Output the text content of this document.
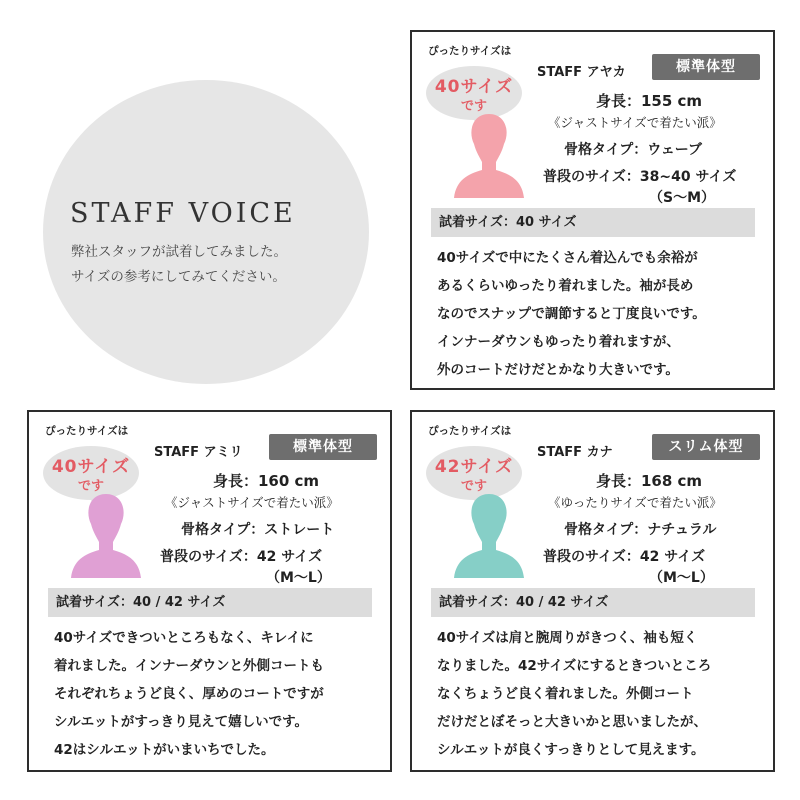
STAFF VOICE
弊社スタッフが試着してみました。
サイズの参考にしてみてください。
40サイズ
です
ぴったりサイズは
STAFF アヤカ	標準体型
身長：155 cm
《ジャストサイズで着たい派》
骨格タイプ：ウェーブ
普段のサイズ：38~40 サイズ
（S〜M）
試着サイズ：40 サイズ
40サイズで中にたくさん着込んでも余裕が
あるくらいゆったり着れました。袖が長め
なのでスナップで調節すると丁度良いです。
インナーダウンもゆったり着れますが、
外のコートだけだとかなり大きいです。
40サイズ
です
ぴったりサイズは
STAFF アミリ	標準体型
身長：160 cm
《ジャストサイズで着たい派》
骨格タイプ：ストレート
普段のサイズ：42 サイズ
（M〜L）
試着サイズ：40 / 42 サイズ
40サイズできついところもなく、キレイに
着れました。インナーダウンと外側コートも
それぞれちょうど良く、厚めのコートですが
シルエットがすっきり見えて嬉しいです。
42はシルエットがいまいちでした。
42サイズ
です
ぴったりサイズは
STAFF カナ	スリム体型
身長：168 cm
《ゆったりサイズで着たい派》
骨格タイプ：ナチュラル
普段のサイズ：42 サイズ
（M〜L）
試着サイズ：40 / 42 サイズ
40サイズは肩と腕周りがきつく、袖も短く
なりました。42サイズにするときついところ
なくちょうど良く着れました。外側コート
だけだとぼそっと大きいかと思いましたが、
シルエットが良くすっきりとして見えます。
